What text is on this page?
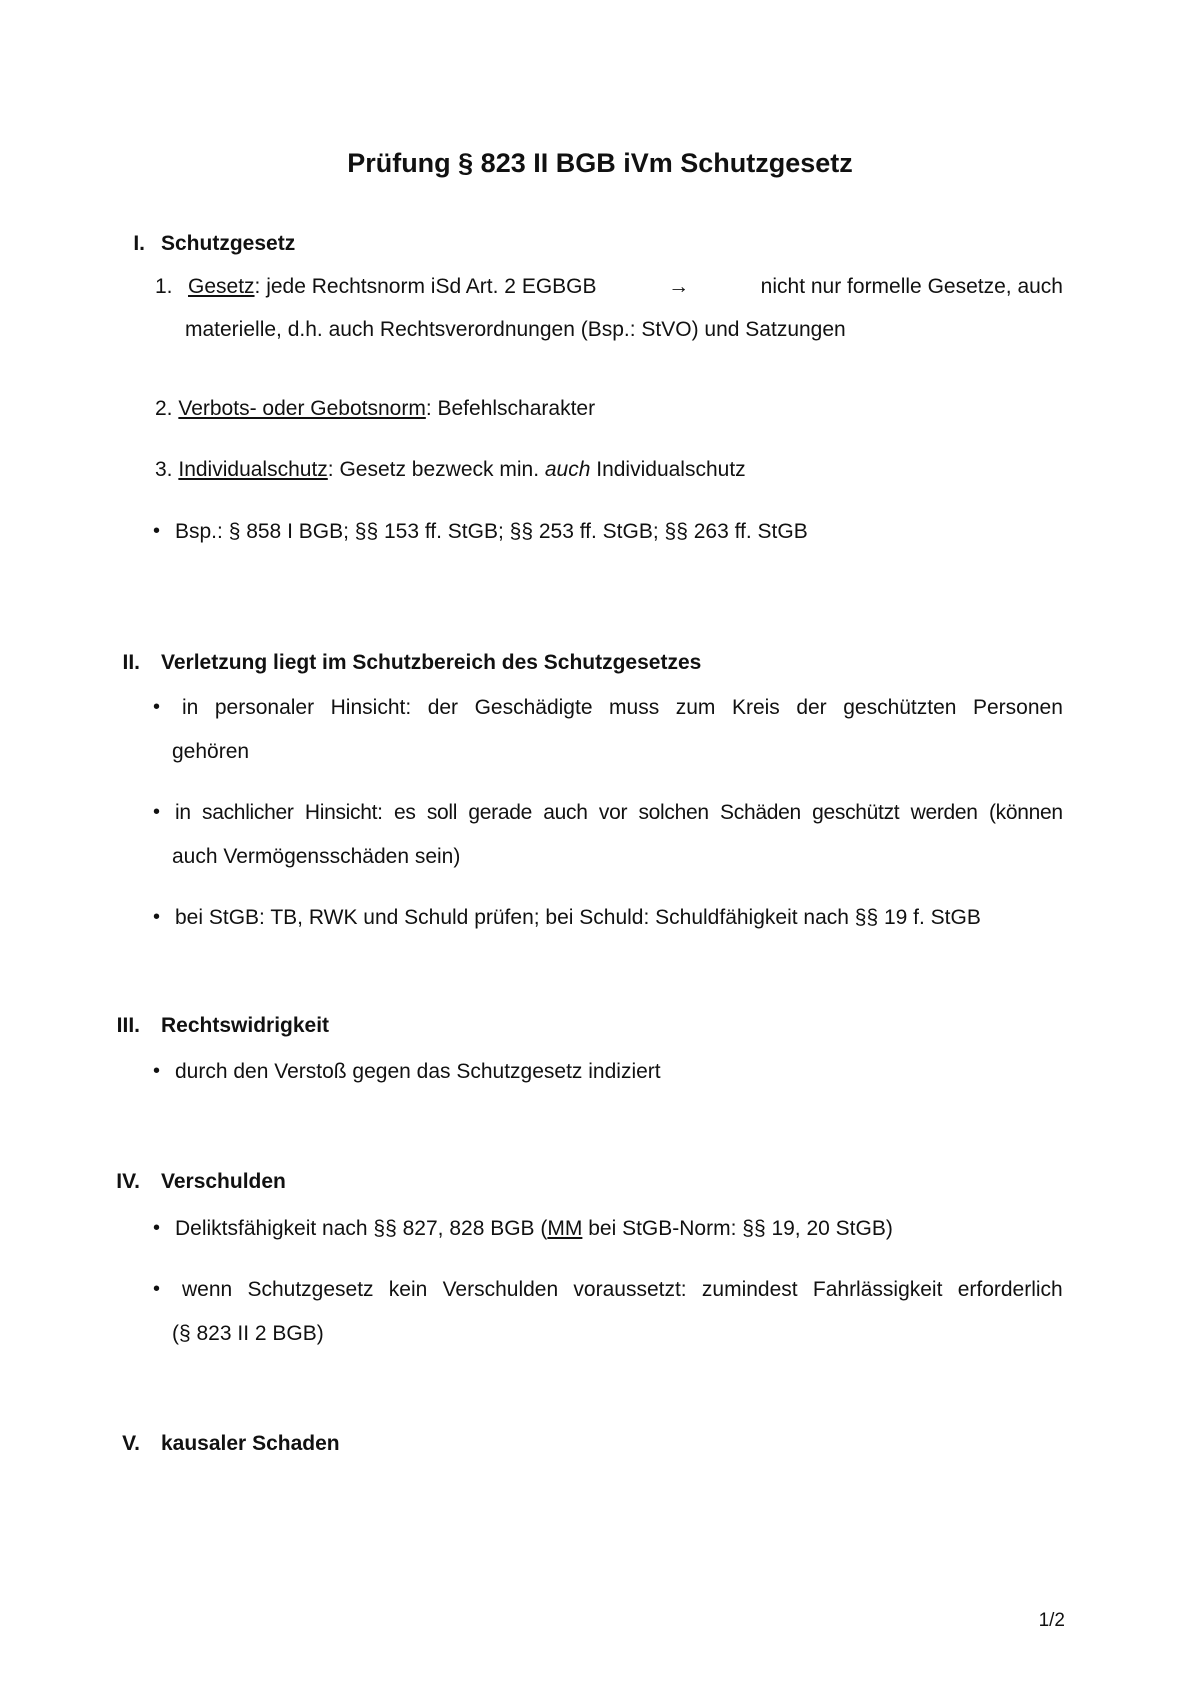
Prüfung § 823 II BGB iVm Schutzgesetz
I. Schutzgesetz
1. Gesetz: jede Rechtsnorm iSd Art. 2 EGBGB	→	nicht nur formelle Gesetze, auch
materielle, d.h. auch Rechtsverordnungen (Bsp.: StVO) und Satzungen
2. Verbots- oder Gebotsnorm: Befehlscharakter
3. Individualschutz: Gesetz bezweck min. auch Individualschutz
• Bsp.: § 858 I BGB; §§ 153 ff. StGB; §§ 253 ff. StGB; §§ 263 ff. StGB
II. Verletzung liegt im Schutzbereich des Schutzgesetzes
• in personaler Hinsicht: der Geschädigte muss zum Kreis der geschützten Personen
gehören
• in sachlicher Hinsicht: es soll gerade auch vor solchen Schäden geschützt werden (können
auch Vermögensschäden sein)
• bei StGB: TB, RWK und Schuld prüfen; bei Schuld: Schuldfähigkeit nach §§ 19 f. StGB
III. Rechtswidrigkeit
• durch den Verstoß gegen das Schutzgesetz indiziert
IV. Verschulden
• Deliktsfähigkeit nach §§ 827, 828 BGB (MM bei StGB-Norm: §§ 19, 20 StGB)
• wenn Schutzgesetz kein Verschulden voraussetzt: zumindest Fahrlässigkeit erforderlich
(§ 823 II 2 BGB)
V. kausaler Schaden
1/2
